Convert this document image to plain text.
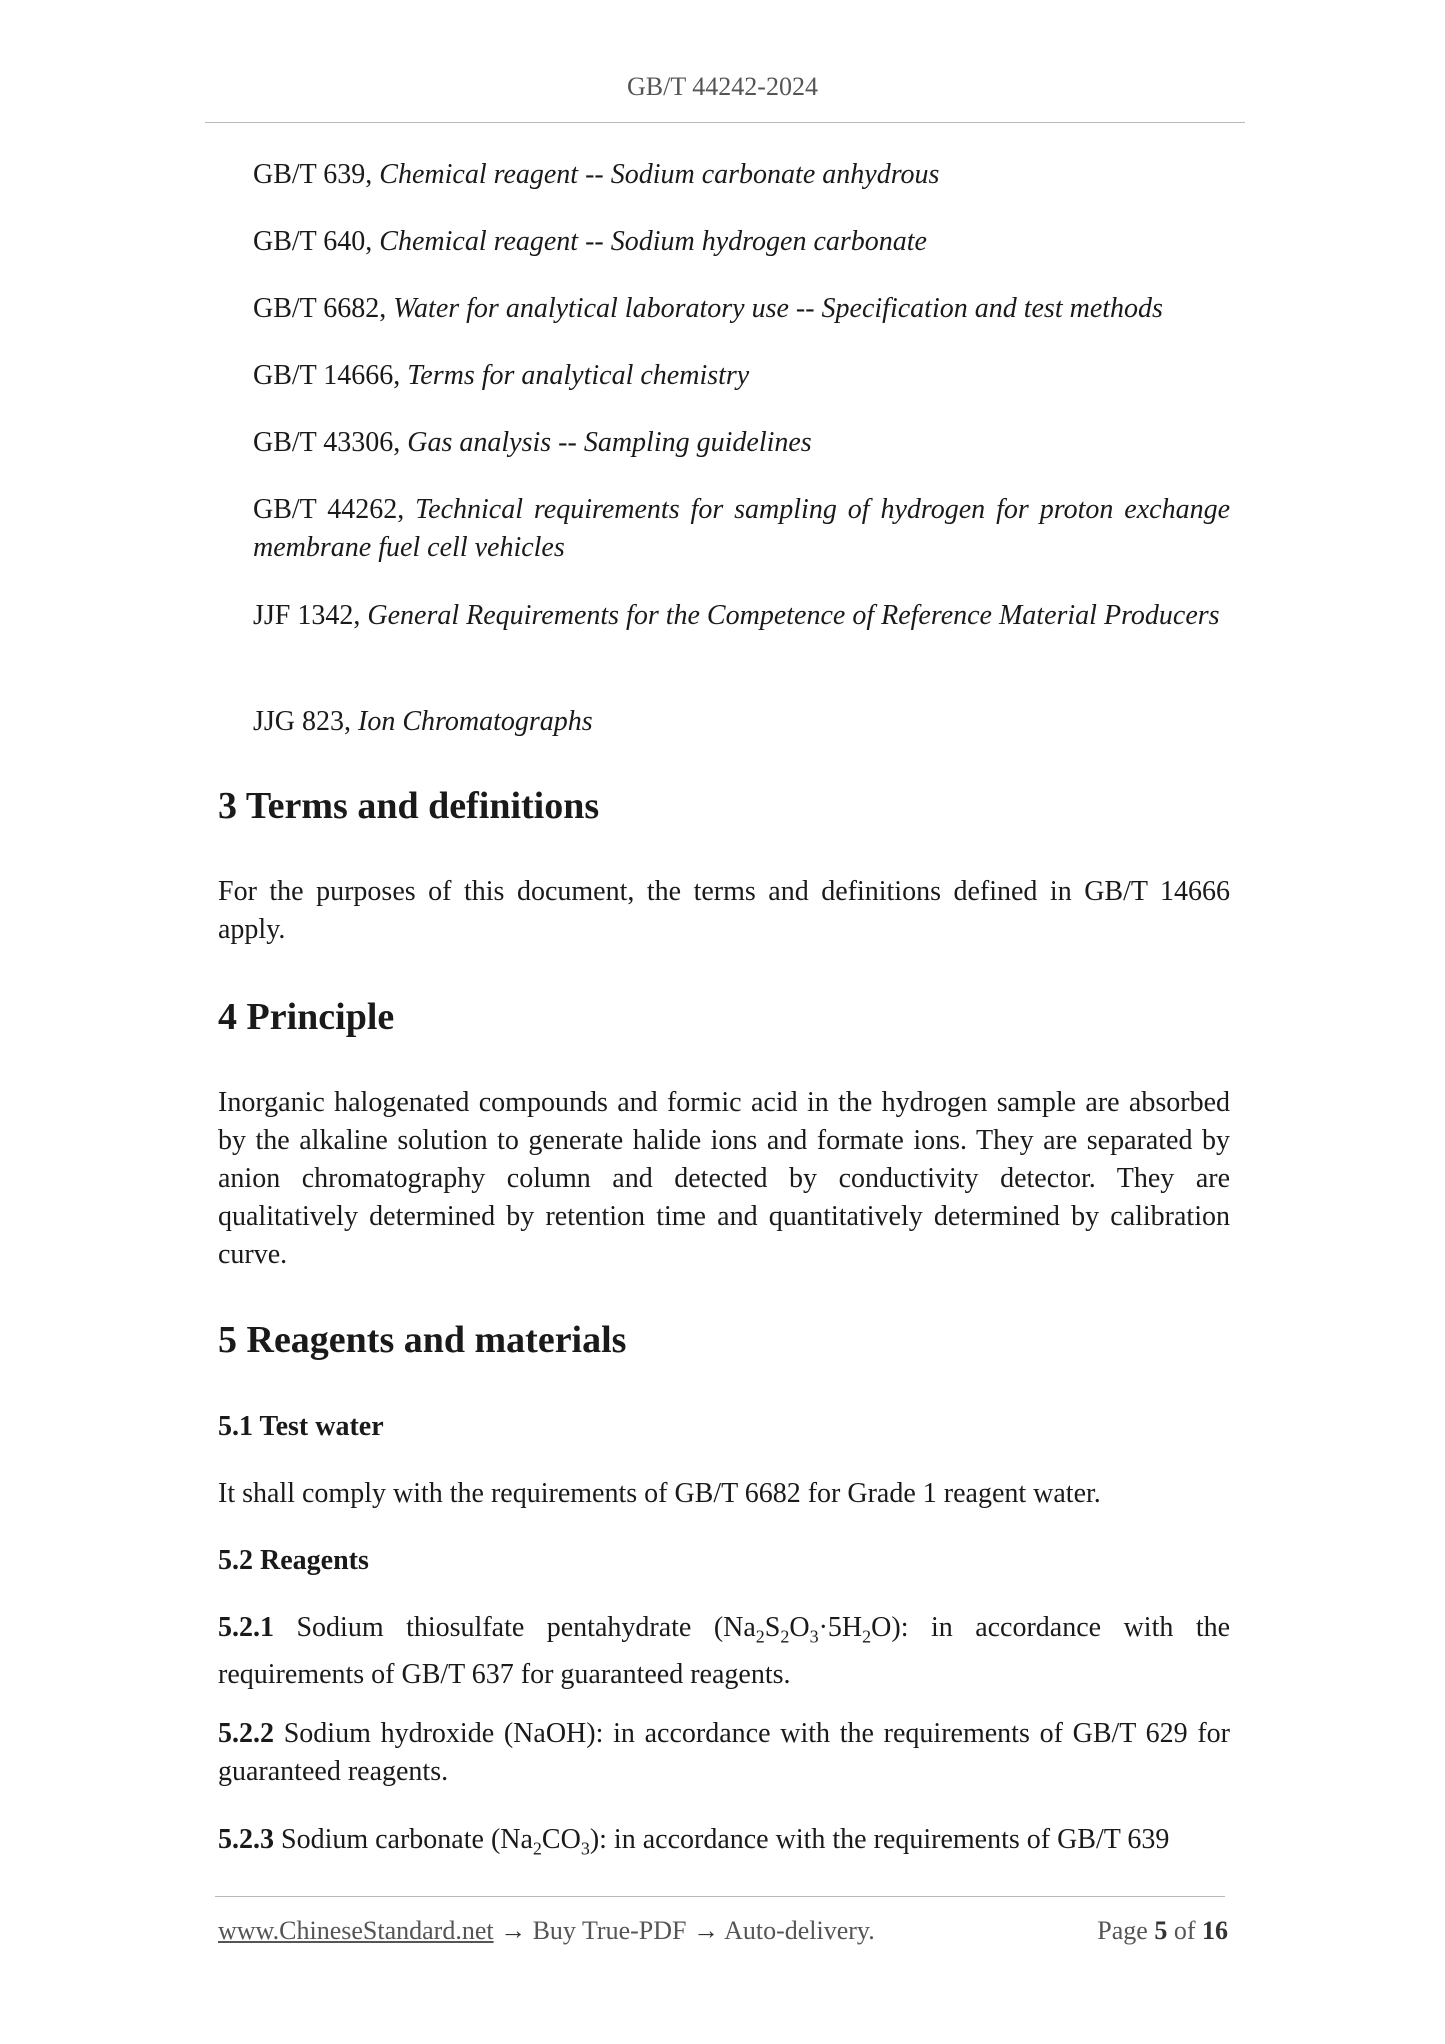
GB/T 44242-2024
GB/T 639, Chemical reagent -- Sodium carbonate anhydrous
GB/T 640, Chemical reagent -- Sodium hydrogen carbonate
GB/T 6682, Water for analytical laboratory use -- Specification and test methods
GB/T 14666, Terms for analytical chemistry
GB/T 43306, Gas analysis -- Sampling guidelines
GB/T 44262, Technical requirements for sampling of hydrogen for proton exchange membrane fuel cell vehicles
JJF 1342, General Requirements for the Competence of Reference Material Producers
JJG 823, Ion Chromatographs
3 Terms and definitions
For the purposes of this document, the terms and definitions defined in GB/T 14666 apply.
4 Principle
Inorganic halogenated compounds and formic acid in the hydrogen sample are absorbed by the alkaline solution to generate halide ions and formate ions. They are separated by anion chromatography column and detected by conductivity detector. They are qualitatively determined by retention time and quantitatively determined by calibration curve.
5 Reagents and materials
5.1 Test water
It shall comply with the requirements of GB/T 6682 for Grade 1 reagent water.
5.2 Reagents
5.2.1 Sodium thiosulfate pentahydrate $(Na_2S_2O_3\cdot 5H_2O)$: in accordance with the requirements of GB/T 637 for guaranteed reagents.
5.2.2 Sodium hydroxide (NaOH): in accordance with the requirements of GB/T 629 for guaranteed reagents.
5.2.3 Sodium carbonate $(Na_2CO_3)$: in accordance with the requirements of GB/T 639
www.ChineseStandard.net → Buy True-PDF → Auto-delivery.	Page 5 of 16
